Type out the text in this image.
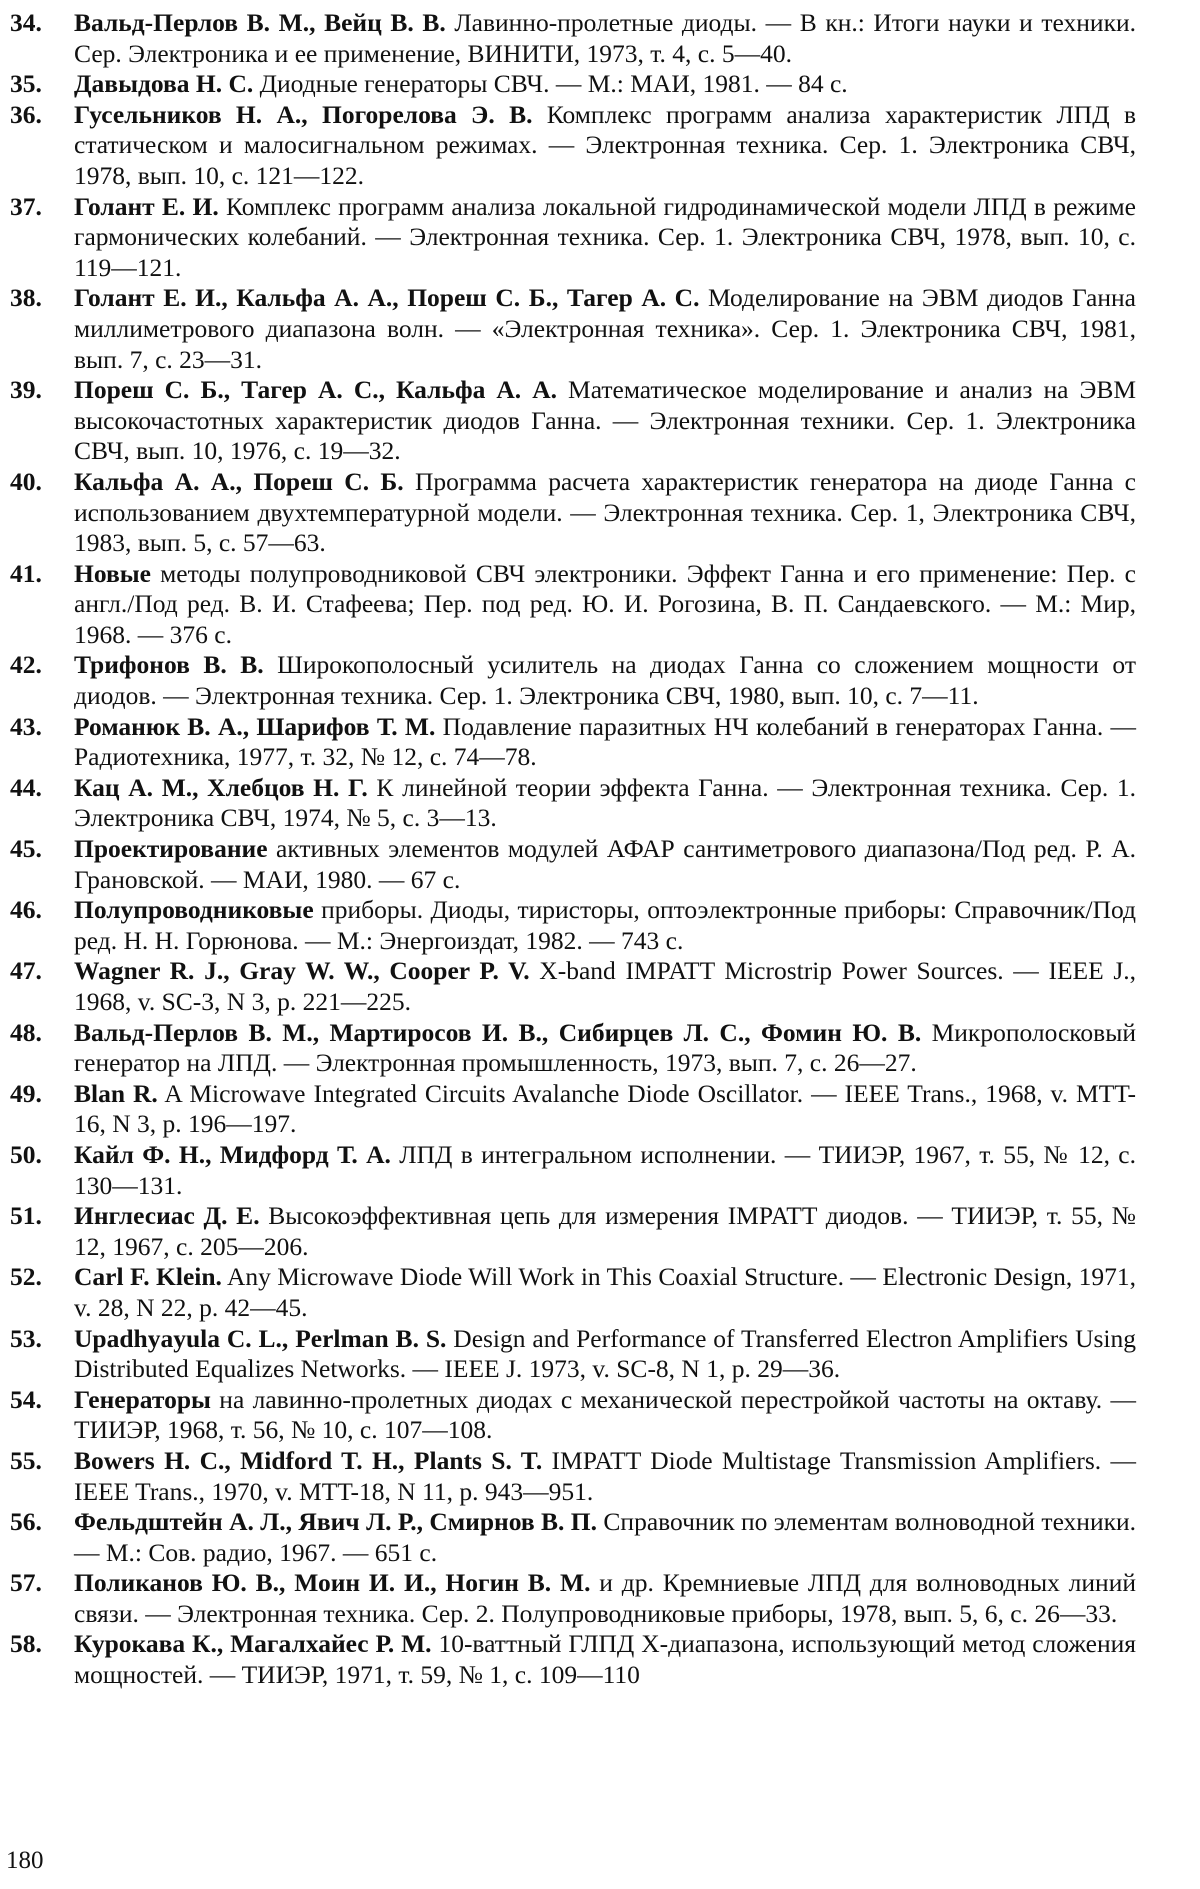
34. Вальд-Перлов В. М., Вейц В. В. Лавинно-пролетные диоды. — В кн.: Итоги науки и техники. Сер. Электроника и ее применение, ВИНИТИ, 1973, т. 4, с. 5—40.
35. Давыдова Н. С. Диодные генераторы СВЧ. — М.: МАИ, 1981. — 84 с.
36. Гусельников Н. А., Погорелова Э. В. Комплекс программ анализа характеристик ЛПД в статическом и малосигнальном режимах. — Электронная техника. Сер. 1. Электроника СВЧ, 1978, вып. 10, с. 121—122.
37. Голант Е. И. Комплекс программ анализа локальной гидродинамической модели ЛПД в режиме гармонических колебаний. — Электронная техника. Сер. 1. Электроника СВЧ, 1978, вып. 10, с. 119—121.
38. Голант Е. И., Кальфа А. А., Пореш С. Б., Тагер А. С. Моделирование на ЭВМ диодов Ганна миллиметрового диапазона волн. — «Электронная техника». Сер. 1. Электроника СВЧ, 1981, вып. 7, с. 23—31.
39. Пореш С. Б., Тагер А. С., Кальфа А. А. Математическое моделирование и анализ на ЭВМ высокочастотных характеристик диодов Ганна. — Электронная техники. Сер. 1. Электроника СВЧ, вып. 10, 1976, с. 19—32.
40. Кальфа А. А., Пореш С. Б. Программа расчета характеристик генератора на диоде Ганна с использованием двухтемпературной модели. — Электронная техника. Сер. 1, Электроника СВЧ, 1983, вып. 5, с. 57—63.
41. Новые методы полупроводниковой СВЧ электроники. Эффект Ганна и его применение: Пер. с англ./Под ред. В. И. Стафеева; Пер. под ред. Ю. И. Рогозина, В. П. Сандаевского. — М.: Мир, 1968. — 376 с.
42. Трифонов В. В. Широкополосный усилитель на диодах Ганна со сложением мощности от диодов. — Электронная техника. Сер. 1. Электроника СВЧ, 1980, вып. 10, с. 7—11.
43. Романюк В. А., Шарифов Т. М. Подавление паразитных НЧ колебаний в генераторах Ганна. — Радиотехника, 1977, т. 32, № 12, с. 74—78.
44. Кац А. М., Хлебцов Н. Г. К линейной теории эффекта Ганна. — Электронная техника. Сер. 1. Электроника СВЧ, 1974, № 5, с. 3—13.
45. Проектирование активных элементов модулей АФАР сантиметрового диапазона/Под ред. Р. А. Грановской. — МАИ, 1980. — 67 с.
46. Полупроводниковые приборы. Диоды, тиристоры, оптоэлектронные приборы: Справочник/Под ред. Н. Н. Горюнова. — М.: Энергоиздат, 1982. — 743 с.
47. Wagner R. J., Gray W. W., Cooper P. V. X-band IMPATT Microstrip Power Sources. — IEEE J., 1968, v. SC-3, N 3, p. 221—225.
48. Вальд-Перлов В. М., Мартиросов И. В., Сибирцев Л. С., Фомин Ю. В. Микрополосковый генератор на ЛПД. — Электронная промышленность, 1973, вып. 7, с. 26—27.
49. Blan R. A Microwave Integrated Circuits Avalanche Diode Oscillator. — IEEE Trans., 1968, v. MTT-16, N 3, p. 196—197.
50. Кайл Ф. Н., Мидфорд Т. А. ЛПД в интегральном исполнении. — ТИИЭР, 1967, т. 55, № 12, с. 130—131.
51. Инглесиас Д. Е. Высокоэффективная цепь для измерения IMPATT диодов. — ТИИЭР, т. 55, № 12, 1967, с. 205—206.
52. Carl F. Klein. Any Microwave Diode Will Work in This Coaxial Structure. — Electronic Design, 1971, v. 28, N 22, p. 42—45.
53. Upadhyayula C. L., Perlman B. S. Design and Performance of Transferred Electron Amplifiers Using Distributed Equalizes Networks. — IEEE J. 1973, v. SC-8, N 1, p. 29—36.
54. Генераторы на лавинно-пролетных диодах с механической перестройкой частоты на октаву. — ТИИЭР, 1968, т. 56, № 10, с. 107—108.
55. Bowers H. C., Midford T. H., Plants S. T. IMPATT Diode Multistage Transmission Amplifiers. — IEEE Trans., 1970, v. MTT-18, N 11, p. 943—951.
56. Фельдштейн А. Л., Явич Л. Р., Смирнов В. П. Справочник по элементам волноводной техники. — М.: Сов. радио, 1967. — 651 с.
57. Поликанов Ю. В., Моин И. И., Ногин В. М. и др. Кремниевые ЛПД для волноводных линий связи. — Электронная техника. Сер. 2. Полупроводниковые приборы, 1978, вып. 5, 6, с. 26—33.
58. Курокава К., Магалхайес Р. М. 10-ваттный ГЛПД Х-диапазона, использующий метод сложения мощностей. — ТИИЭР, 1971, т. 59, № 1, с. 109—110
180
